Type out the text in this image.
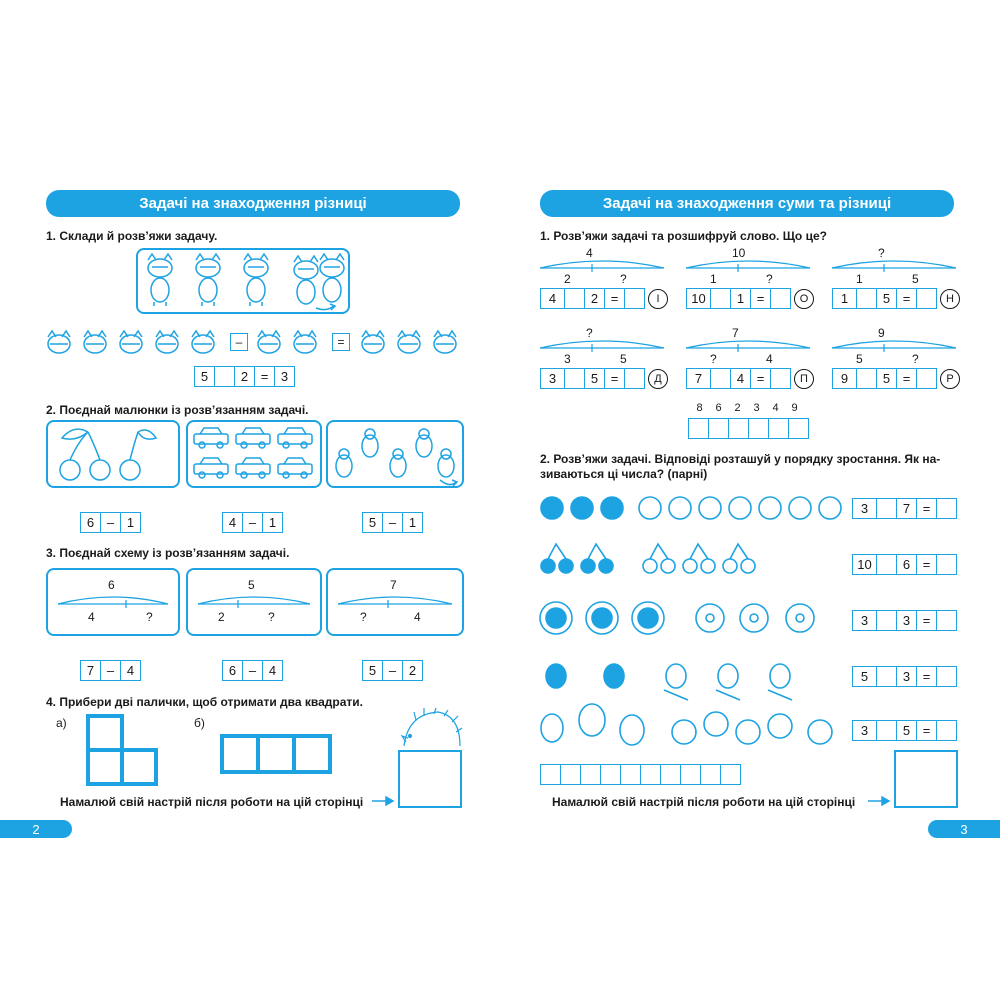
Задачі на знаходження різниці
1. Склади й розв’яжи задачу.
–	=
5	2 = 3
2. Поєднай малюнки із розв’язанням задачі.
6 – 1	4 – 1	5 – 1
3. Поєднай схему із розв’язанням задачі.
6
4	?
5
2	?
7
?	4
7 – 4	6 – 4	5 – 2
4. Прибери дві палички, щоб отримати два квадрати.
а)	б)
Намалюй свій настрій після роботи на цій сторінці
2
Задачі на знаходження суми та різниці
1. Розв’яжи задачі та розшифруй слово. Що це?
4
2	?
4	2 =	І
10
1	?
10	1 =	О
?
1	5
1	5 =	Н
?
3	5
3	5 =	Д
7
?	4
7	4 =	П
9
5	?
9	5 =	Р
8	6	2	3	4	9
2. Розв’яжи задачі. Відповіді розташуй у порядку зростання. Як на-
зиваються ці числа? (парні)
3	7 =
10	6 =
3	3 =
5	3 =
3	5 =
Намалюй свій настрій після роботи на цій сторінці
3
